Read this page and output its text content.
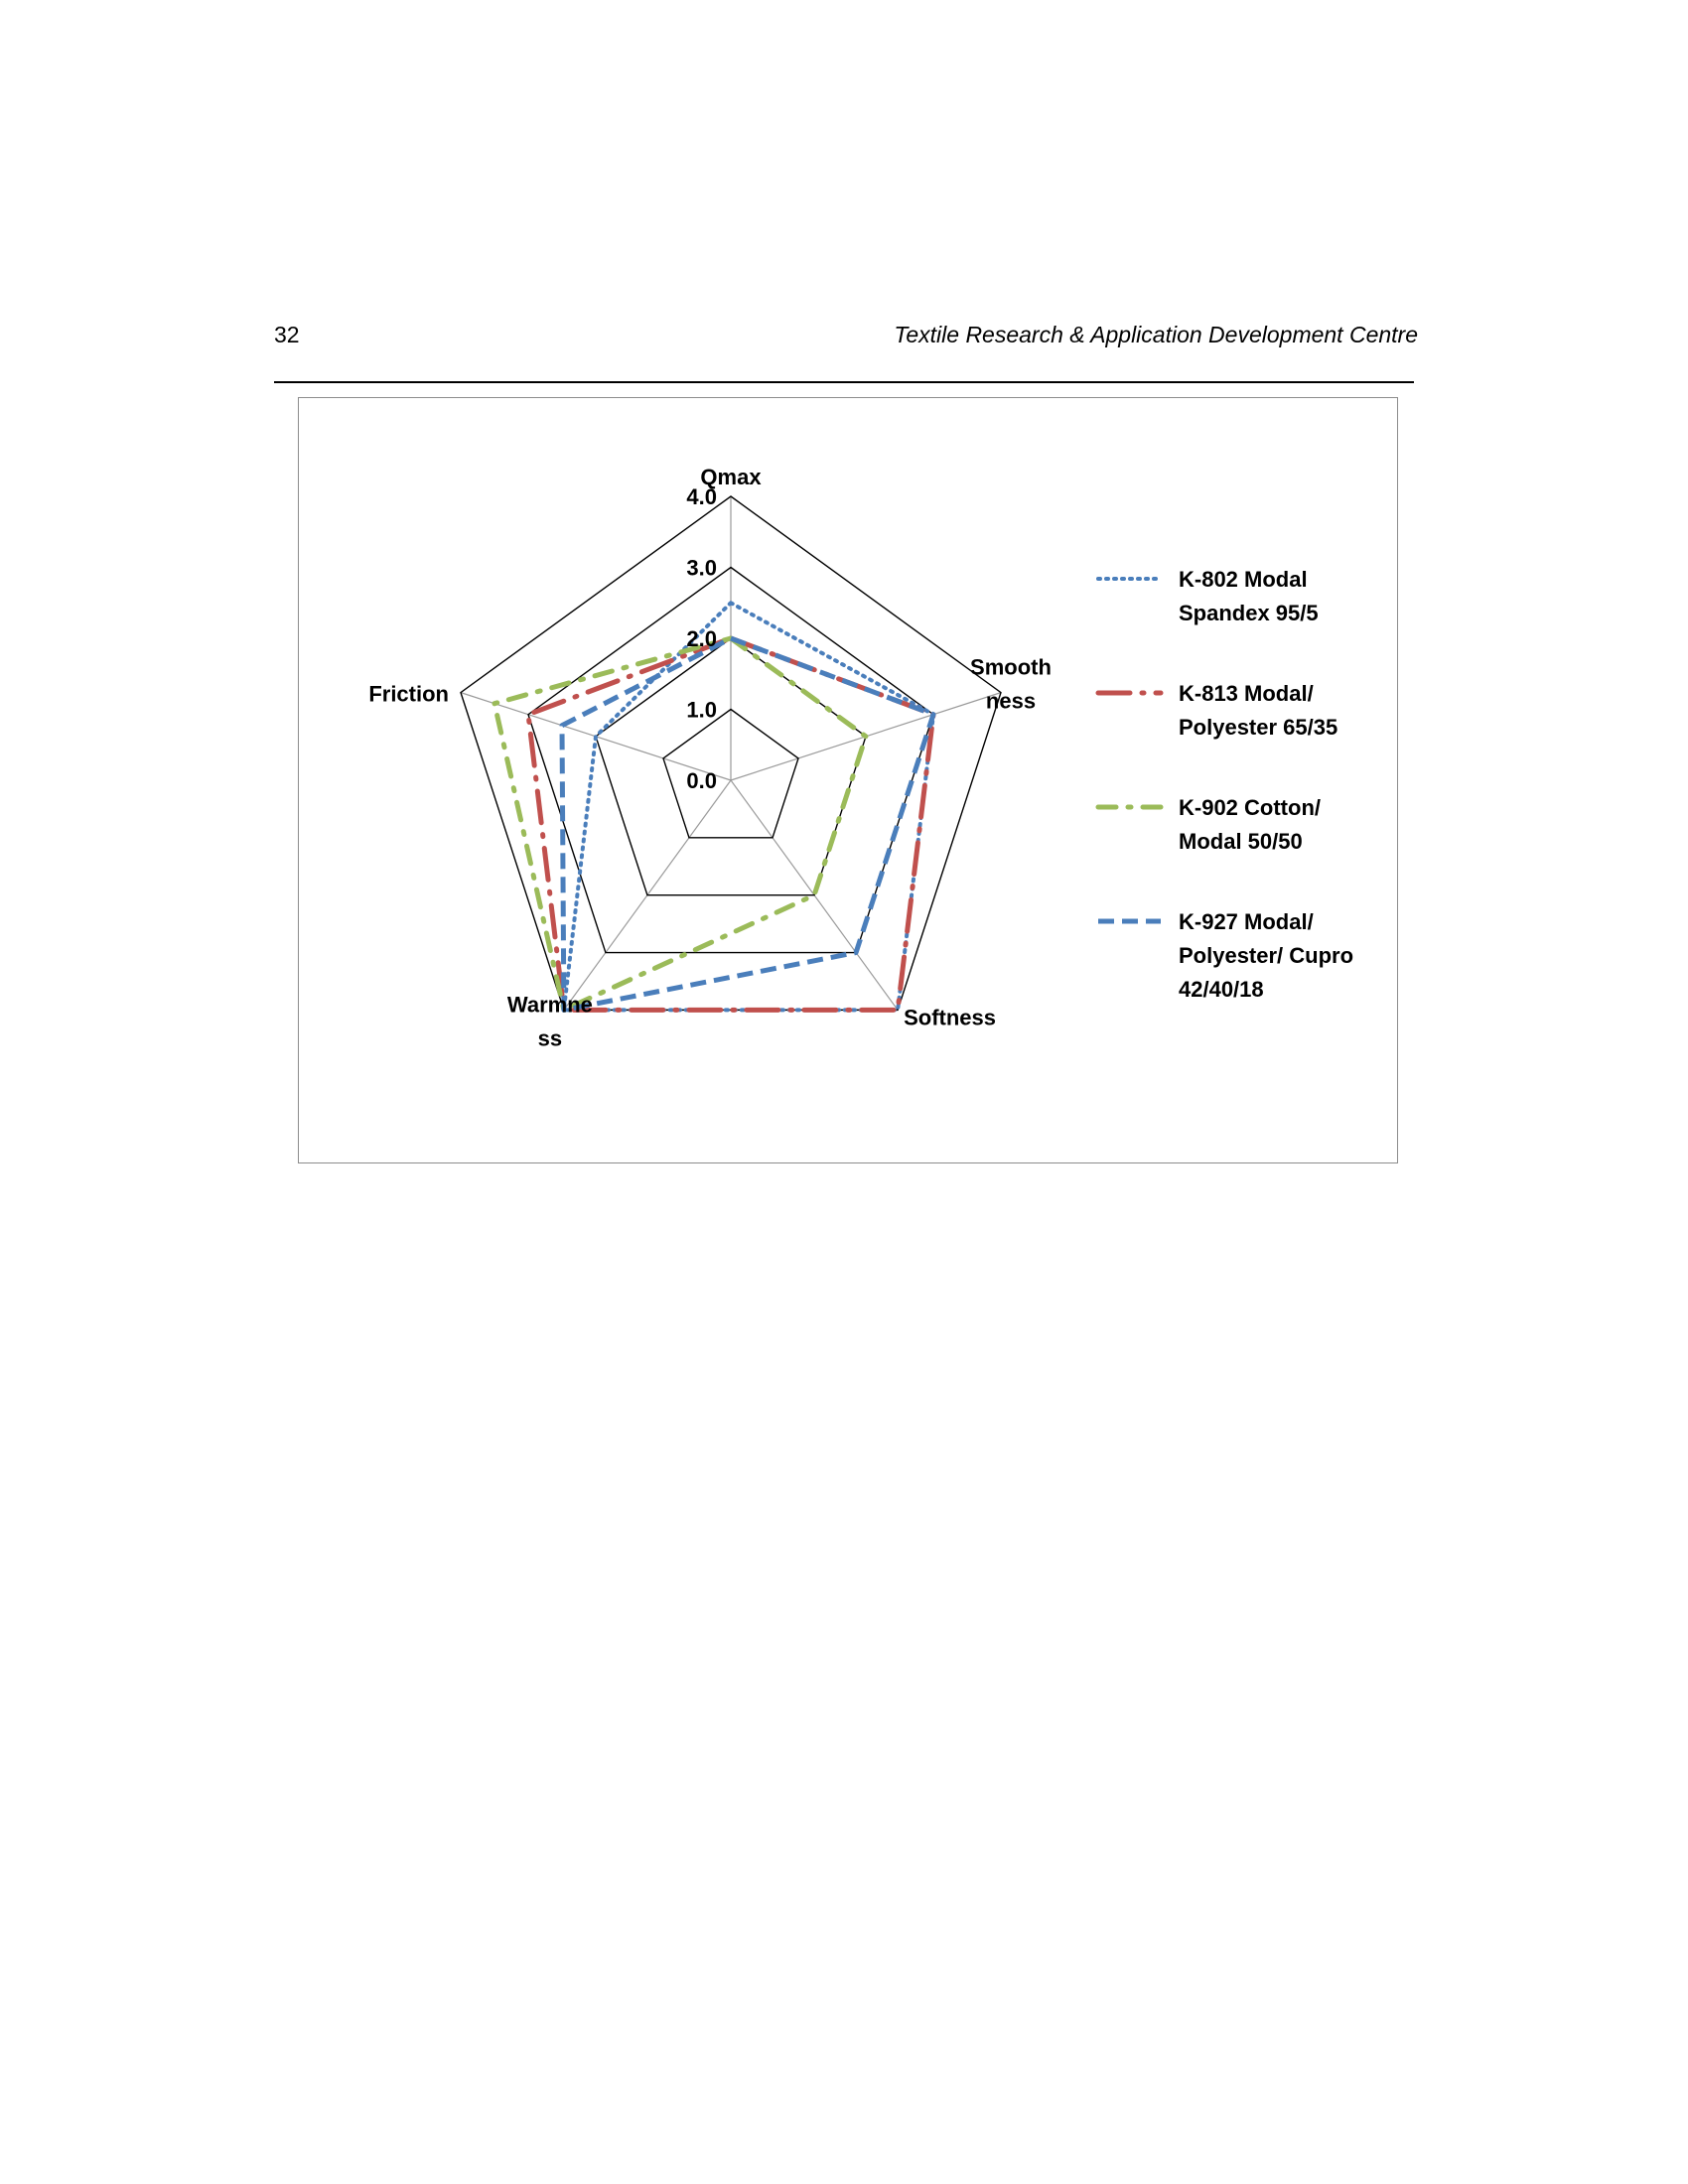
32	Textile Research & Application Development Centre
0.0
1.0
2.0
3.0
4.0
Qmax
Smooth
ness
Softness
Warmne
ss
Friction
K-802 Modal
Spandex 95/5
K-813 Modal/
Polyester 65/35
K-902 Cotton/
Modal 50/50
K-927 Modal/
Polyester/ Cupro
42/40/18
